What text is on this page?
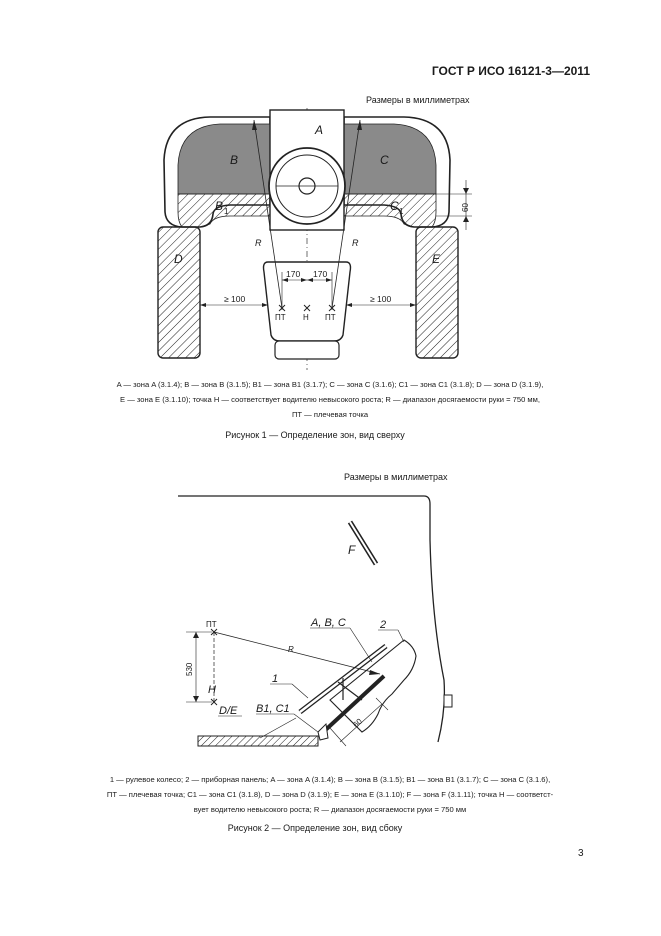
ГОСТ Р ИСО 16121-3—2011
Размеры в миллиметрах
A
B	C
B 1	C 1
D	E
R	R
170 170
≥ 100	≥ 100
ПТ H ПТ
60
A — зона A (3.1.4); B — зона B (3.1.5); B1 — зона B1 (3.1.7); C — зона C (3.1.6); C1 — зона C1 (3.1.8); D — зона D (3.1.9),
E — зона E (3.1.10); точка H — соответствует водителю невысокого роста; R — диапазон досягаемости руки = 750 мм,
ПТ — плечевая точка
Рисунок 1 — Определение зон, вид сверху
Размеры в миллиметрах
F
A, B, C	2
ПТ
R
530
H
1
B1, C1
D/E
60
1 — рулевое колесо; 2 — приборная панель; A — зона A (3.1.4); B — зона B (3.1.5); B1 — зона B1 (3.1.7); C — зона C (3.1.6),
ПТ — плечевая точка; C1 — зона C1 (3.1.8), D — зона D (3.1.9); E — зона E (3.1.10); F — зона F (3.1.11); точка H — соответст-
вует водителю невысокого роста; R — диапазон досягаемости руки = 750 мм
Рисунок 2 — Определение зон, вид сбоку
3
